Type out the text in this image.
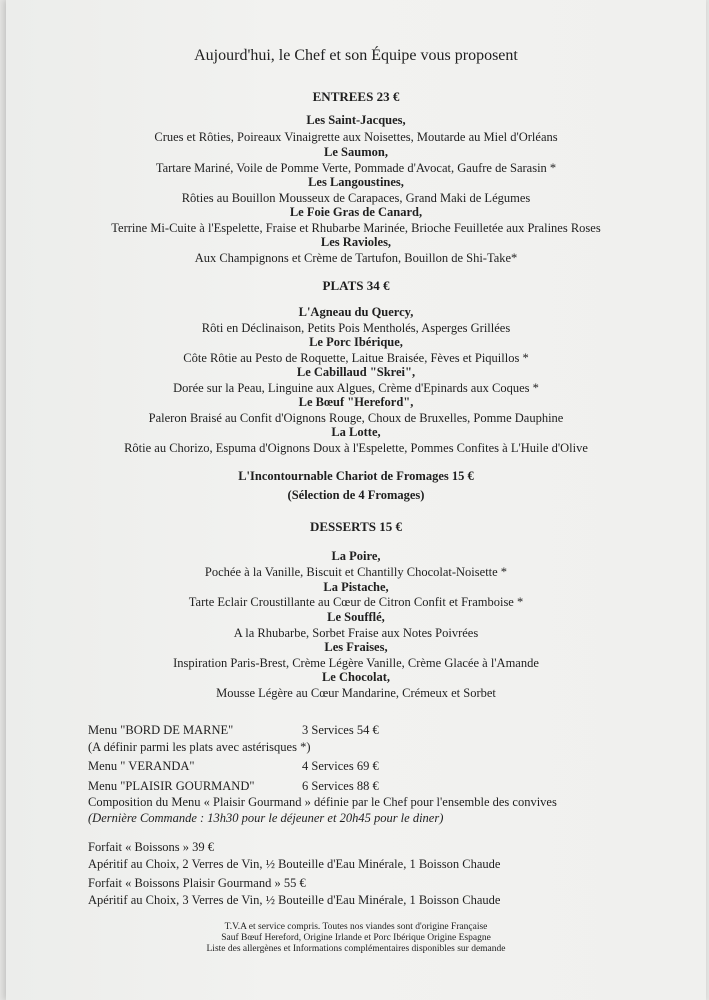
Aujourd'hui, le Chef et son Équipe vous proposent
ENTREES 23 €
Les Saint-Jacques,
Crues et Rôties, Poireaux Vinaigrette aux Noisettes, Moutarde au Miel d'Orléans
Le Saumon,
Tartare Mariné, Voile de Pomme Verte, Pommade d'Avocat, Gaufre de Sarasin *
Les Langoustines,
Rôties au Bouillon Mousseux de Carapaces, Grand Maki de Légumes
Le Foie Gras de Canard,
Terrine Mi-Cuite à l'Espelette, Fraise et Rhubarbe Marinée, Brioche Feuilletée aux Pralines Roses
Les Ravioles,
Aux Champignons et Crème de Tartufon, Bouillon de Shi-Take*
PLATS 34 €
L'Agneau du Quercy,
Rôti en Déclinaison, Petits Pois Mentholés, Asperges Grillées
Le Porc Ibérique,
Côte Rôtie au Pesto de Roquette, Laitue Braisée, Fèves et Piquillos *
Le Cabillaud "Skrei",
Dorée sur la Peau, Linguine aux Algues, Crème d'Epinards aux Coques *
Le Bœuf "Hereford",
Paleron Braisé au Confit d'Oignons Rouge, Choux de Bruxelles, Pomme Dauphine
La Lotte,
Rôtie au Chorizo, Espuma d'Oignons Doux à l'Espelette, Pommes Confites à L'Huile d'Olive
L'Incontournable Chariot de Fromages 15 €
(Sélection de 4 Fromages)
DESSERTS 15 €
La Poire,
Pochée à la Vanille, Biscuit et Chantilly Chocolat-Noisette *
La Pistache,
Tarte Eclair Croustillante au Cœur de Citron Confit et Framboise *
Le Soufflé,
A la Rhubarbe, Sorbet Fraise aux Notes Poivrées
Les Fraises,
Inspiration Paris-Brest, Crème Légère Vanille, Crème Glacée à l'Amande
Le Chocolat,
Mousse Légère au Cœur Mandarine, Crémeux et Sorbet
Menu "BORD DE MARNE"	3 Services 54 €
(A définir parmi les plats avec astérisques *)
Menu " VERANDA"	4 Services 69 €
Menu "PLAISIR GOURMAND"	6 Services 88 €
Composition du Menu « Plaisir Gourmand » définie par le Chef pour l'ensemble des convives
(Dernière Commande : 13h30 pour le déjeuner et 20h45 pour le diner)
Forfait « Boissons » 39 €
Apéritif au Choix, 2 Verres de Vin, ½ Bouteille d'Eau Minérale, 1 Boisson Chaude
Forfait « Boissons Plaisir Gourmand » 55 €
Apéritif au Choix, 3 Verres de Vin, ½ Bouteille d'Eau Minérale, 1 Boisson Chaude
T.V.A et service compris. Toutes nos viandes sont d'origine Française
Sauf Bœuf Hereford, Origine Irlande et Porc Ibérique Origine Espagne
Liste des allergènes et Informations complémentaires disponibles sur demande
